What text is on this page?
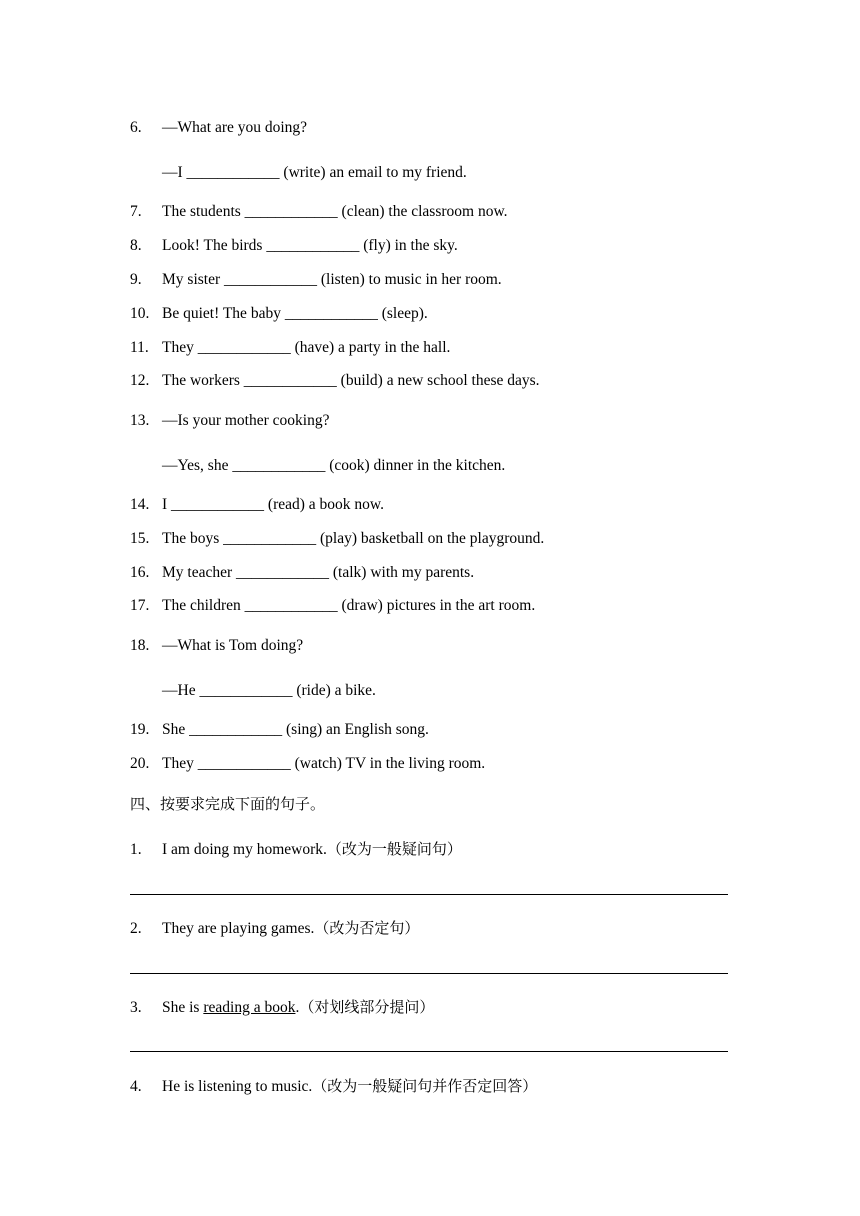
6. —What are you doing?
—I ____________ (write) an email to my friend.
7. The students ____________ (clean) the classroom now.
8. Look! The birds ____________ (fly) in the sky.
9. My sister ____________ (listen) to music in her room.
10. Be quiet! The baby ____________ (sleep).
11. They ____________ (have) a party in the hall.
12. The workers ____________ (build) a new school these days.
13. —Is your mother cooking?
—Yes, she ____________ (cook) dinner in the kitchen.
14. I ____________ (read) a book now.
15. The boys ____________ (play) basketball on the playground.
16. My teacher ____________ (talk) with my parents.
17. The children ____________ (draw) pictures in the art room.
18. —What is Tom doing?
—He ____________ (ride) a bike.
19. She ____________ (sing) an English song.
20. They ____________ (watch) TV in the living room.
四、按要求完成下面的句子。
1. I am doing my homework.（改为一般疑问句）
2. They are playing games.（改为否定句）
3. She is reading a book.（对划线部分提问）
4. He is listening to music.（改为一般疑问句并作否定回答）
